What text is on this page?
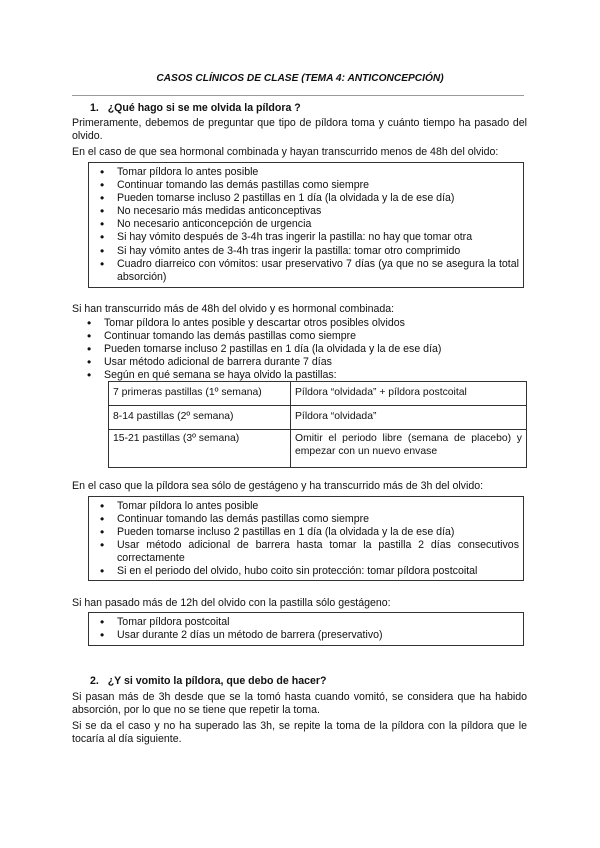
CASOS CLÍNICOS DE CLASE (TEMA 4: ANTICONCEPCIÓN)
1. ¿Qué hago si se me olvida la píldora ?
Primeramente, debemos de preguntar que tipo de píldora toma y cuánto tiempo ha pasado del olvido.
En el caso de que sea hormonal combinada y hayan transcurrido menos de 48h del olvido:
• Tomar píldora lo antes posible
• Continuar tomando las demás pastillas como siempre
• Pueden tomarse incluso 2 pastillas en 1 día (la olvidada y la de ese día)
• No necesario más medidas anticonceptivas
• No necesario anticoncepción de urgencia
• Si hay vómito después de 3-4h tras ingerir la pastilla: no hay que tomar otra
• Si hay vómito antes de 3-4h tras ingerir la pastilla: tomar otro comprimido
• Cuadro diarreico con vómitos: usar preservativo 7 días (ya que no se asegura la total absorción)
Si han transcurrido más de 48h del olvido y es hormonal combinada:
• Tomar píldora lo antes posible y descartar otros posibles olvidos
• Continuar tomando las demás pastillas como siempre
• Pueden tomarse incluso 2 pastillas en 1 día (la olvidada y la de ese día)
• Usar método adicional de barrera durante 7 días
• Según en qué semana se haya olvido la pastillas:
7 primeras pastillas (1º semana)	Píldora “olvidada” + píldora postcoital
8-14 pastillas (2º semana)	Píldora “olvidada”
15-21 pastillas (3º semana)	Omitir el periodo libre (semana de placebo) y empezar con un nuevo envase
En el caso que la píldora sea sólo de gestágeno y ha transcurrido más de 3h del olvido:
• Tomar píldora lo antes posible
• Continuar tomando las demás pastillas como siempre
• Pueden tomarse incluso 2 pastillas en 1 día (la olvidada y la de ese día)
• Usar método adicional de barrera hasta tomar la pastilla 2 días consecutivos correctamente
• Si en el periodo del olvido, hubo coito sin protección: tomar píldora postcoital
Si han pasado más de 12h del olvido con la pastilla sólo gestágeno:
• Tomar píldora postcoital
• Usar durante 2 días un método de barrera (preservativo)
2. ¿Y si vomito la píldora, que debo de hacer?
Si pasan más de 3h desde que se la tomó hasta cuando vomitó, se considera que ha habido absorción, por lo que no se tiene que repetir la toma.
Si se da el caso y no ha superado las 3h, se repite la toma de la píldora con la píldora que le tocaría al día siguiente.
